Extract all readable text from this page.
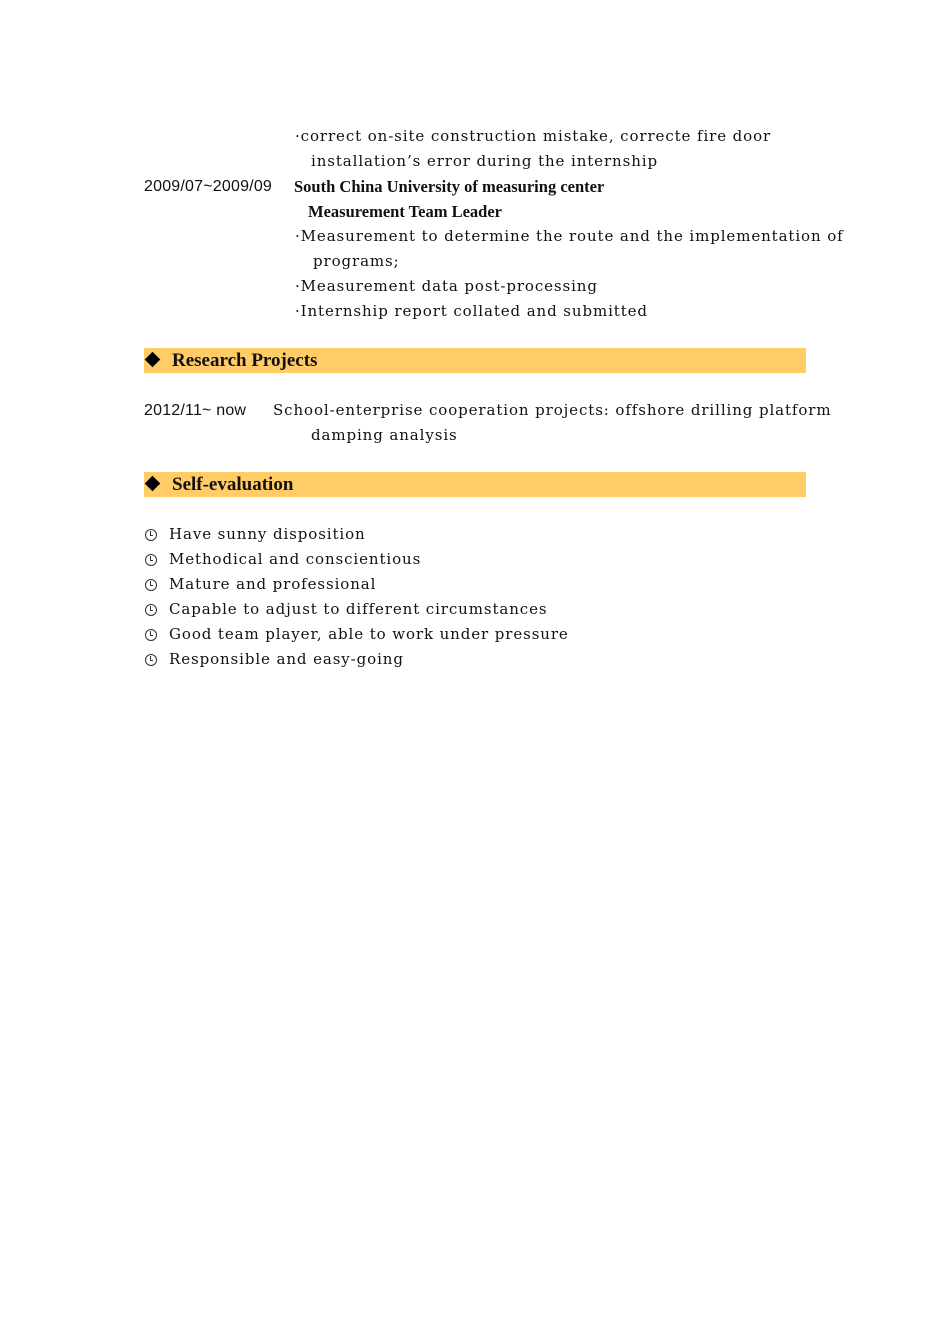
·correct on-site construction mistake, correcte fire door
installation’s error during the internship
2009/07~2009/09 South China University of measuring center
Measurement Team Leader
·Measurement to determine the route and the implementation of
programs;
·Measurement data post-processing
·Internship report collated and submitted
Research Projects
2012/11~ now School-enterprise cooperation projects: offshore drilling platform
damping analysis
Self-evaluation
Have sunny disposition
Methodical and conscientious
Mature and professional
Capable to adjust to different circumstances
Good team player, able to work under pressure
Responsible and easy-going
